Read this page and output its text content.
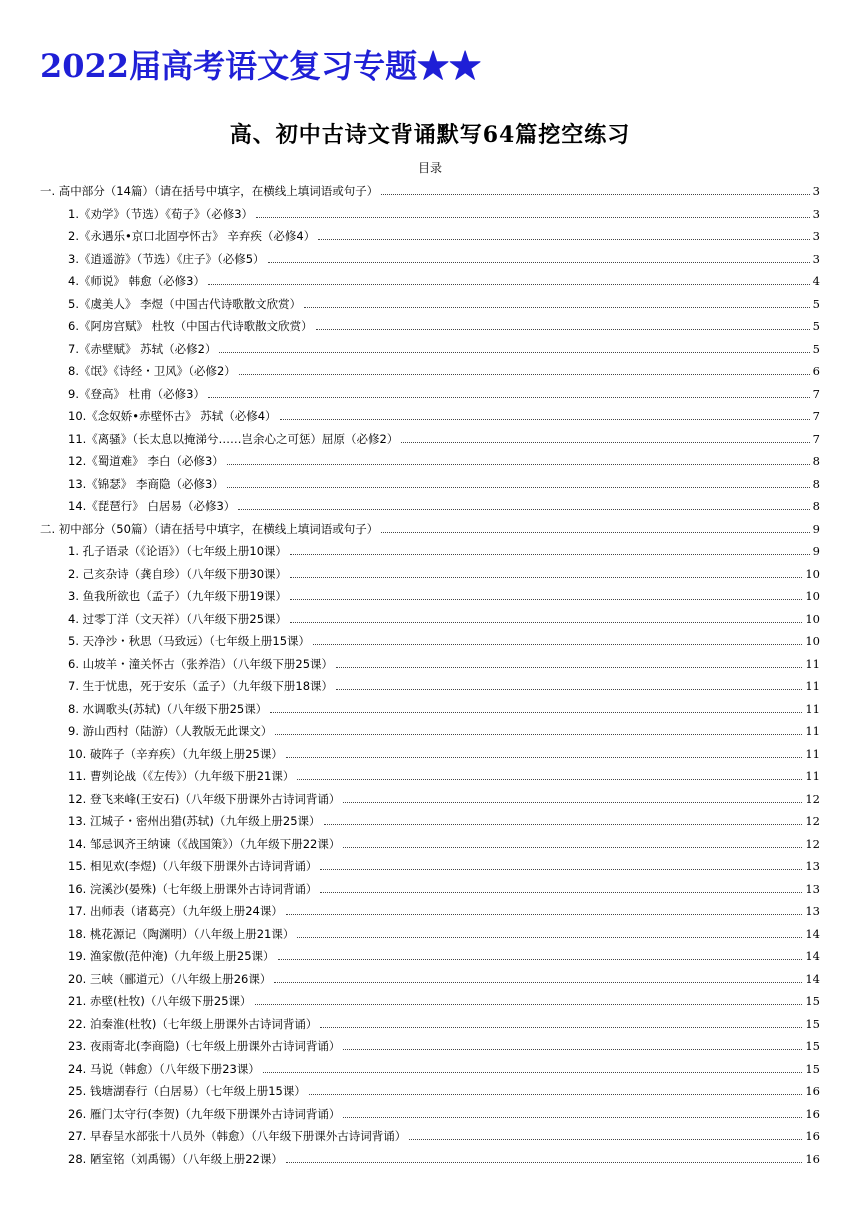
2022届高考语文复习专题★★
高、初中古诗文背诵默写64篇挖空练习
目录
一. 高中部分（14篇）（请在括号中填字，在横线上填词语或句子）	3
1.《劝学》（节选）《荀子》（必修3）	3
2.《永遇乐•京口北固亭怀古》 辛弃疾（必修4）	3
3.《逍遥游》（节选）《庄子》（必修5）	3
4.《师说》 韩愈（必修3）	4
5.《虞美人》 李煜（中国古代诗歌散文欣赏）	5
6.《阿房宫赋》 杜牧（中国古代诗歌散文欣赏）	5
7.《赤壁赋》 苏轼（必修2）	5
8.《氓》《诗经・卫风》（必修2）	6
9.《登高》 杜甫（必修3）	7
10.《念奴娇•赤壁怀古》 苏轼（必修4）	7
11.《离骚》（长太息以掩涕兮……岂余心之可惩）屈原（必修2）	7
12.《蜀道难》 李白（必修3）	8
13.《锦瑟》 李商隐（必修3）	8
14.《琵琶行》 白居易（必修3）	8
二. 初中部分（50篇）（请在括号中填字，在横线上填词语或句子）	9
1. 孔子语录（《论语》）（七年级上册10课）	9
2. 己亥杂诗（龚自珍）（八年级下册30课）	10
3. 鱼我所欲也（孟子）（九年级下册19课）	10
4. 过零丁洋（文天祥）（八年级下册25课）	10
5. 天净沙・秋思（马致远）（七年级上册15课）	10
6. 山坡羊・潼关怀古（张养浩）（八年级下册25课）	11
7. 生于忧患，死于安乐（孟子）（九年级下册18课）	11
8. 水调歌头(苏轼)（八年级下册25课）	11
9. 游山西村（陆游）（人教版无此课文）	11
10. 破阵子（辛弃疾）（九年级上册25课）	11
11. 曹刿论战（《左传》）（九年级下册21课）	11
12. 登飞来峰(王安石)（八年级下册课外古诗词背诵）	12
13. 江城子・密州出猎(苏轼)（九年级上册25课）	12
14. 邹忌讽齐王纳谏（《战国策》）（九年级下册22课）	12
15. 相见欢(李煜)（八年级下册课外古诗词背诵）	13
16. 浣溪沙(晏殊)（七年级上册课外古诗词背诵）	13
17. 出师表（诸葛亮）（九年级上册24课）	13
18. 桃花源记（陶渊明）（八年级上册21课）	14
19. 渔家傲(范仲淹)（九年级上册25课）	14
20. 三峡（郦道元）（八年级上册26课）	14
21. 赤壁(杜牧)（八年级下册25课）	15
22. 泊秦淮(杜牧)（七年级上册课外古诗词背诵）	15
23. 夜雨寄北(李商隐)（七年级上册课外古诗词背诵）	15
24. 马说（韩愈）（八年级下册23课）	15
25. 钱塘湖春行（白居易）（七年级上册15课）	16
26. 雁门太守行(李贺)（九年级下册课外古诗词背诵）	16
27. 早春呈水部张十八员外（韩愈）（八年级下册课外古诗词背诵）	16
28. 陋室铭（刘禹锡）（八年级上册22课）	16
